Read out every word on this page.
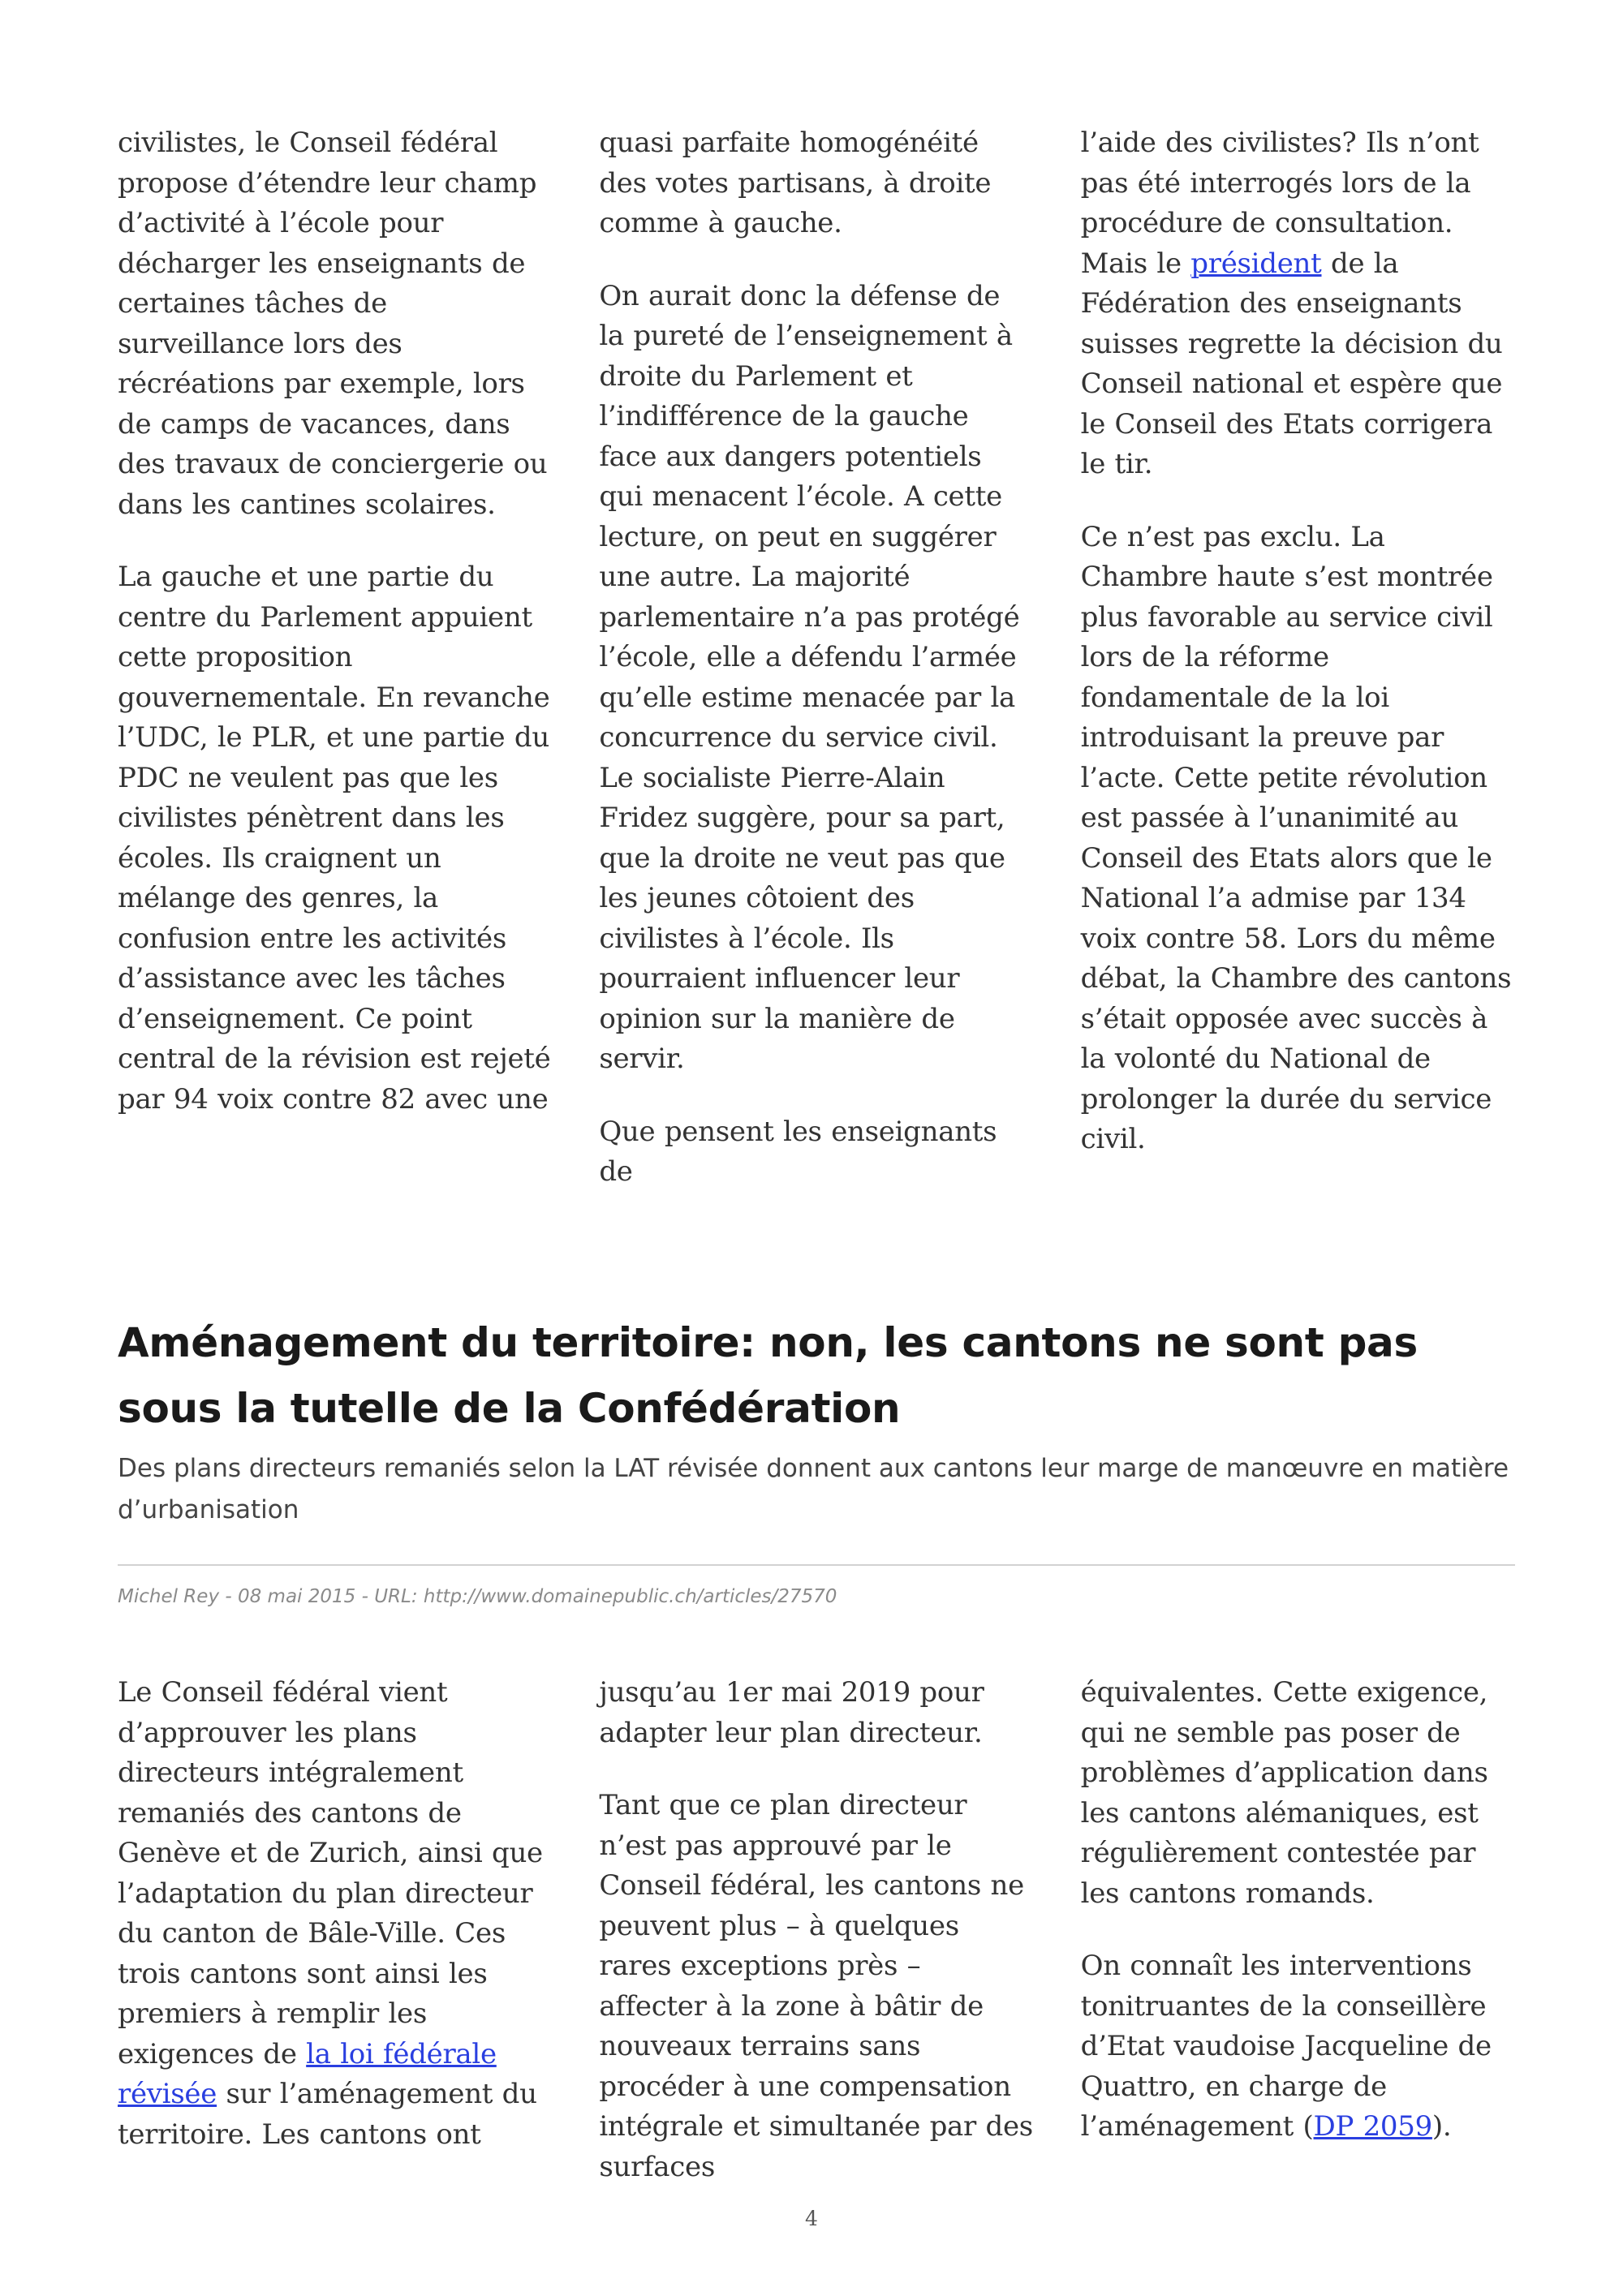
civilistes, le Conseil fédéral propose d’étendre leur champ d’activité à l’école pour décharger les enseignants de certaines tâches de surveillance lors des récréations par exemple, lors de camps de vacances, dans des travaux de conciergerie ou dans les cantines scolaires.

La gauche et une partie du centre du Parlement appuient cette proposition gouvernementale. En revanche l’UDC, le PLR, et une partie du PDC ne veulent pas que les civilistes pénètrent dans les écoles. Ils craignent un mélange des genres, la confusion entre les activités d’assistance avec les tâches d’enseignement. Ce point central de la révision est rejeté par 94 voix contre 82 avec une

quasi parfaite homogénéité des votes partisans, à droite comme à gauche.

On aurait donc la défense de la pureté de l’enseignement à droite du Parlement et l’indifférence de la gauche face aux dangers potentiels qui menacent l’école. A cette lecture, on peut en suggérer une autre. La majorité parlementaire n’a pas protégé l’école, elle a défendu l’armée qu’elle estime menacée par la concurrence du service civil. Le socialiste Pierre-Alain Fridez suggère, pour sa part, que la droite ne veut pas que les jeunes côtoient des civilistes à l’école. Ils pourraient influencer leur opinion sur la manière de servir.

Que pensent les enseignants de

l’aide des civilistes? Ils n’ont pas été interrogés lors de la procédure de consultation. Mais le président de la Fédération des enseignants suisses regrette la décision du Conseil national et espère que le Conseil des Etats corrigera le tir.

Ce n’est pas exclu. La Chambre haute s’est montrée plus favorable au service civil lors de la réforme fondamentale de la loi introduisant la preuve par l’acte. Cette petite révolution est passée à l’unanimité au Conseil des Etats alors que le National l’a admise par 134 voix contre 58. Lors du même débat, la Chambre des cantons s’était opposée avec succès à la volonté du National de prolonger la durée du service civil.

Aménagement du territoire: non, les cantons ne sont pas sous la tutelle de la Confédération

Des plans directeurs remaniés selon la LAT révisée donnent aux cantons leur marge de manœuvre en matière d’urbanisation

Michel Rey - 08 mai 2015 - URL: http://www.domainepublic.ch/articles/27570

Le Conseil fédéral vient d’approuver les plans directeurs intégralement remaniés des cantons de Genève et de Zurich, ainsi que l’adaptation du plan directeur du canton de Bâle-Ville. Ces trois cantons sont ainsi les premiers à remplir les exigences de la loi fédérale révisée sur l’aménagement du territoire. Les cantons ont

jusqu’au 1er mai 2019 pour adapter leur plan directeur.

Tant que ce plan directeur n’est pas approuvé par le Conseil fédéral, les cantons ne peuvent plus – à quelques rares exceptions près – affecter à la zone à bâtir de nouveaux terrains sans procéder à une compensation intégrale et simultanée par des surfaces

équivalentes. Cette exigence, qui ne semble pas poser de problèmes d’application dans les cantons alémaniques, est régulièrement contestée par les cantons romands.

On connaît les interventions tonitruantes de la conseillère d’Etat vaudoise Jacqueline de Quattro, en charge de l’aménagement (DP 2059).

4
